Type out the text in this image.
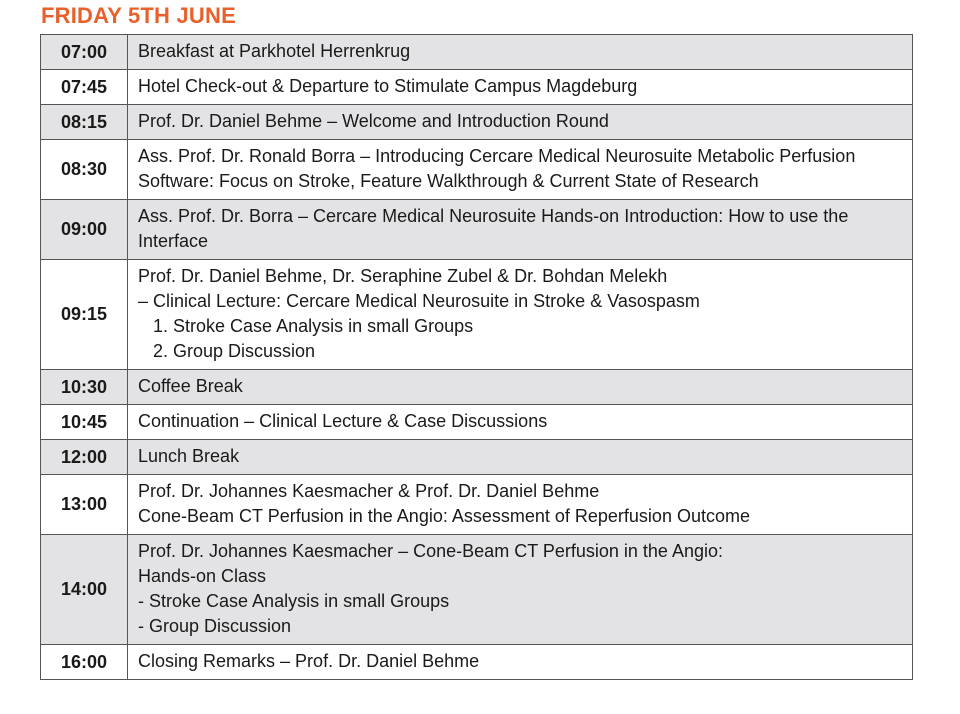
FRIDAY 5TH JUNE
07:00	Breakfast at Parkhotel Herrenkrug

07:45	Hotel Check-out & Departure to Stimulate Campus Magdeburg

08:15	Prof. Dr. Daniel Behme – Welcome and Introduction Round

08:30	Ass. Prof. Dr. Ronald Borra – Introducing Cercare Medical Neurosuite Metabolic Perfusion Software: Focus on Stroke, Feature Walkthrough & Current State of Research

09:00	Ass. Prof. Dr. Borra – Cercare Medical Neurosuite Hands-on Introduction: How to use the Interface

09:15	Prof. Dr. Daniel Behme, Dr. Seraphine Zubel & Dr. Bohdan Melekh
– Clinical Lecture: Cercare Medical Neurosuite in Stroke & Vasospasm
1. Stroke Case Analysis in small Groups
2. Group Discussion

10:30	Coffee Break

10:45	Continuation – Clinical Lecture & Case Discussions

12:00	Lunch Break

13:00	Prof. Dr. Johannes Kaesmacher & Prof. Dr. Daniel Behme
Cone-Beam CT Perfusion in the Angio: Assessment of Reperfusion Outcome

14:00	Prof. Dr. Johannes Kaesmacher – Cone-Beam CT Perfusion in the Angio:
Hands-on Class
- Stroke Case Analysis in small Groups
- Group Discussion

16:00	Closing Remarks – Prof. Dr. Daniel Behme
